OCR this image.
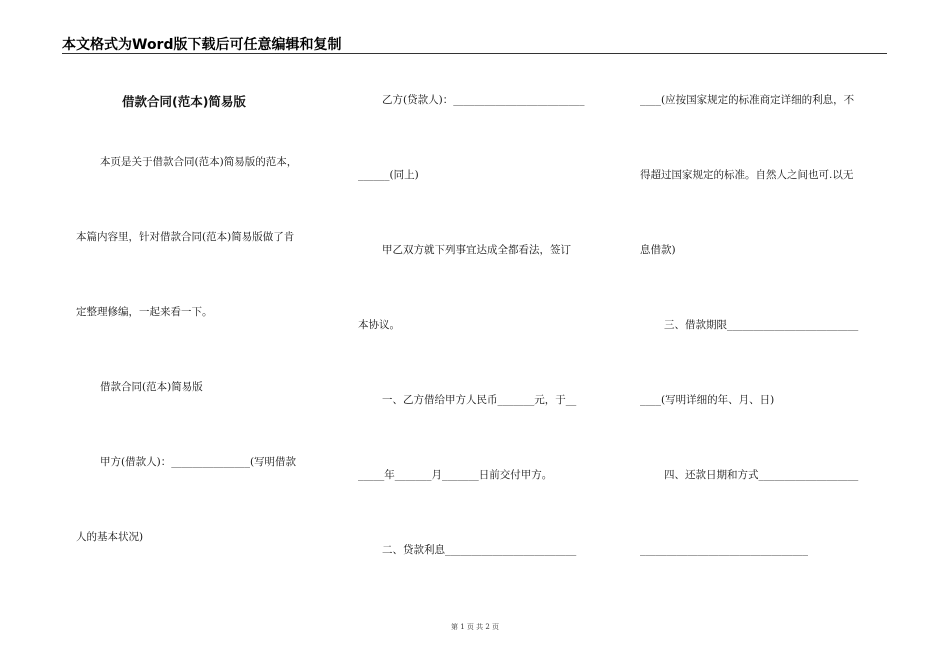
本文格式为Word版下载后可任意编辑和复制
借款合同(范本)简易版
本页是关于借款合同(范本)简易版的范本，
本篇内容里，针对借款合同(范本)简易版做了肯
定整理修编，一起来看一下。
借款合同(范本)简易版
甲方(借款人)：_______________(写明借款
人的基本状况)
乙方(贷款人)：_________________________
______(同上)
甲乙双方就下列事宜达成全都看法，签订
本协议。
一、乙方借给甲方人民币_______元，于__
_____年_______月_______日前交付甲方。
二、贷款利息_________________________
____(应按国家规定的标准商定详细的利息，不
得超过国家规定的标准。自然人之间也可.以无
息借款)
三、借款期限_________________________
____(写明详细的年、月、日)
四、还款日期和方式___________________
________________________________
第 1 页 共 2 页
